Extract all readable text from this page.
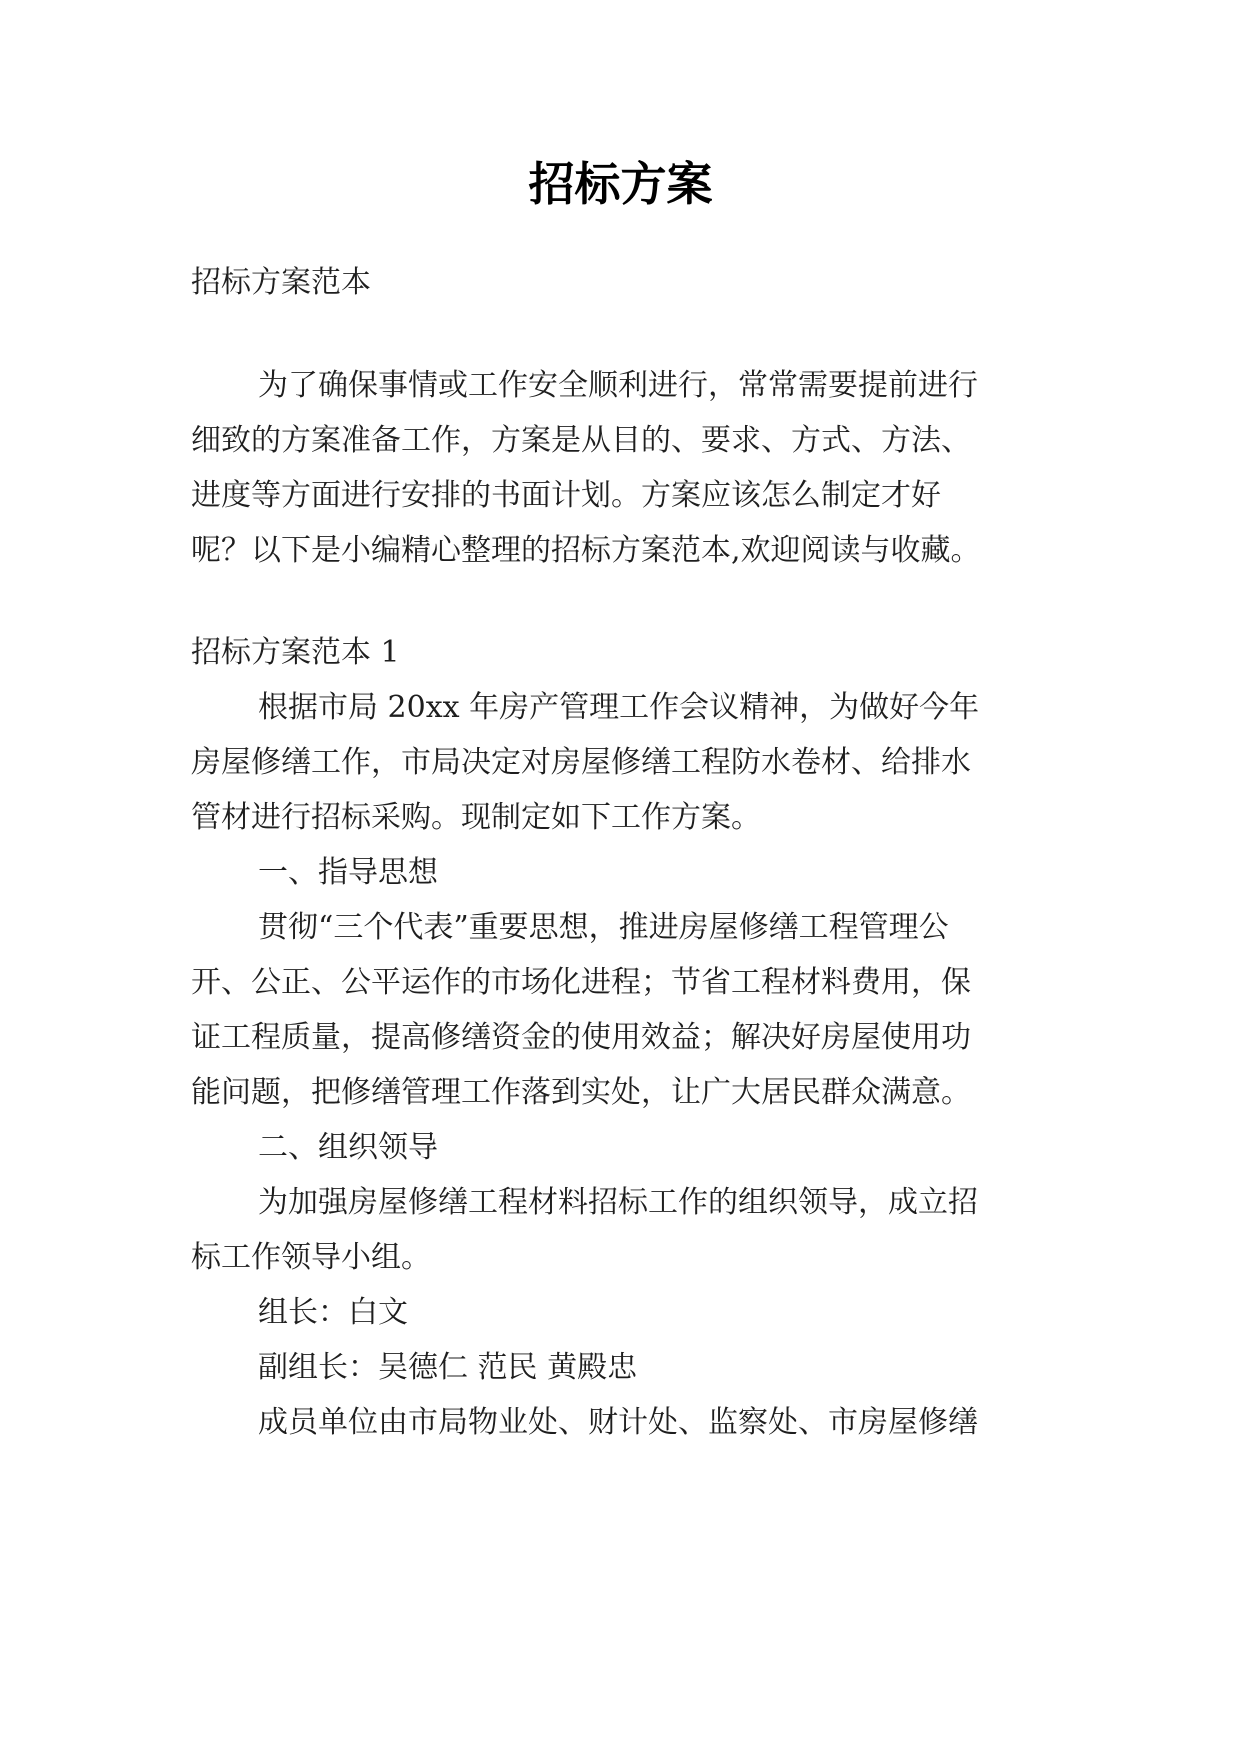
招标方案
招标方案范本
为了确保事情或工作安全顺利进行，常常需要提前进行
细致的方案准备工作，方案是从目的、要求、方式、方法、
进度等方面进行安排的书面计划。方案应该怎么制定才好
呢？以下是小编精心整理的招标方案范本,欢迎阅读与收藏。
招标方案范本 1
根据市局 20xx 年房产管理工作会议精神，为做好今年
房屋修缮工作，市局决定对房屋修缮工程防水卷材、给排水
管材进行招标采购。现制定如下工作方案。
一、指导思想
贯彻“三个代表”重要思想，推进房屋修缮工程管理公
开、公正、公平运作的市场化进程；节省工程材料费用，保
证工程质量，提高修缮资金的使用效益；解决好房屋使用功
能问题，把修缮管理工作落到实处，让广大居民群众满意。
二、组织领导
为加强房屋修缮工程材料招标工作的组织领导，成立招
标工作领导小组。
组长：白文
副组长：吴德仁 范民 黄殿忠
成员单位由市局物业处、财计处、监察处、市房屋修缮
